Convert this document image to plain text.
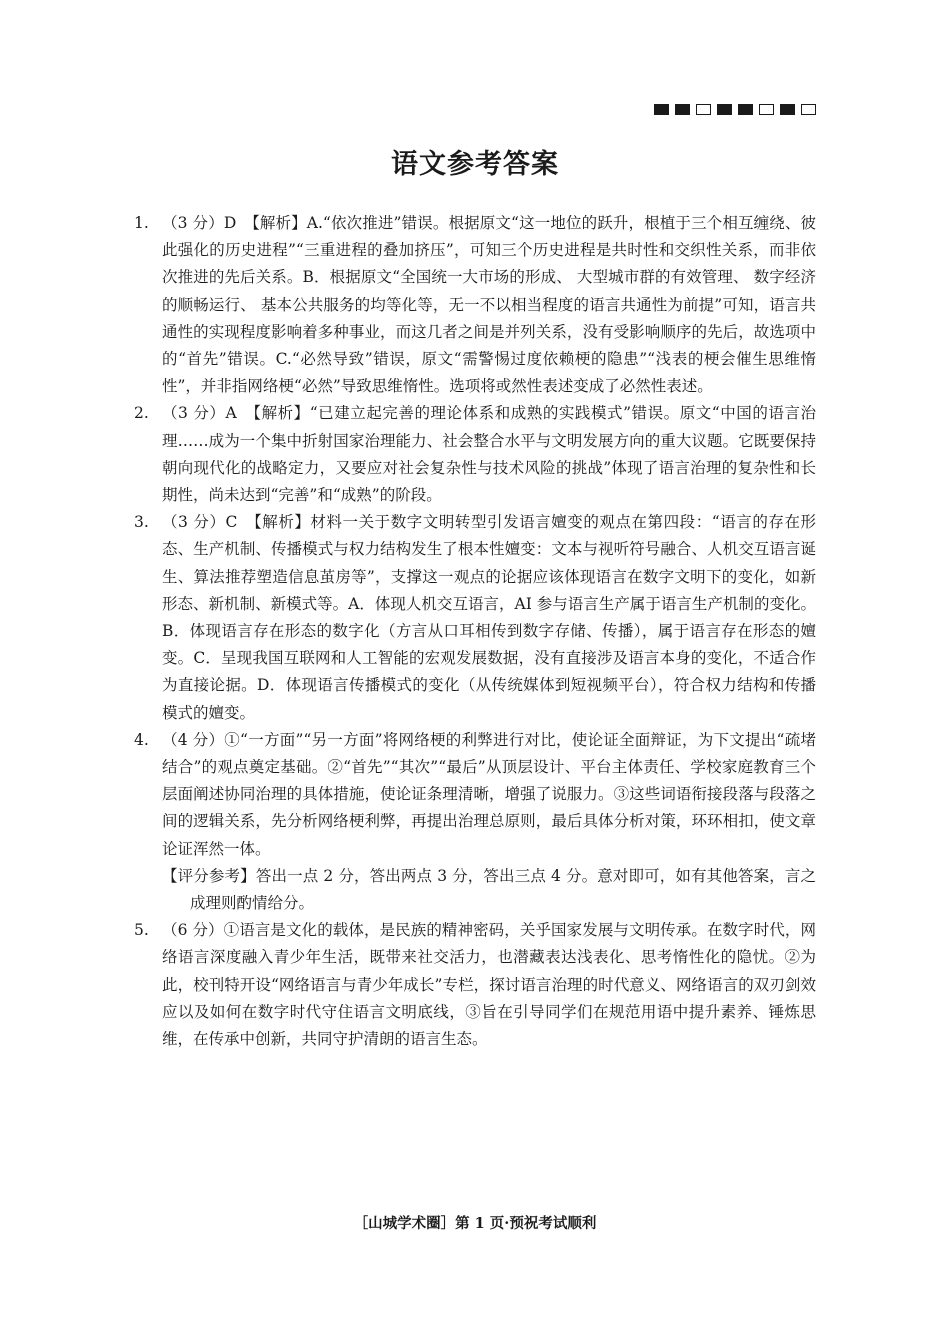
语文参考答案
1. （3 分）D　【解析】A.“依次推进”错误。根据原文“这一地位的跃升，根植于三个相互缠绕、彼此强化的历史进程”“三重进程的叠加挤压”，可知三个历史进程是共时性和交织性关系，而非依次推进的先后关系。B．根据原文“全国统一大市场的形成、 大型城市群的有效管理、 数字经济的顺畅运行、 基本公共服务的均等化等，无一不以相当程度的语言共通性为前提”可知，语言共通性的实现程度影响着多种事业，而这几者之间是并列关系，没有受影响顺序的先后，故选项中的“首先”错误。C.“必然导致”错误，原文“需警惕过度依赖梗的隐患”“浅表的梗会催生思维惰性”，并非指网络梗“必然”导致思维惰性。选项将或然性表述变成了必然性表述。

2. （3 分）A　【解析】“已建立起完善的理论体系和成熟的实践模式”错误。原文“中国的语言治理……成为一个集中折射国家治理能力、社会整合水平与文明发展方向的重大议题。它既要保持朝向现代化的战略定力，又要应对社会复杂性与技术风险的挑战”体现了语言治理的复杂性和长期性，尚未达到“完善”和“成熟”的阶段。

3. （3 分）C　【解析】材料一关于数字文明转型引发语言嬗变的观点在第四段：“语言的存在形态、生产机制、传播模式与权力结构发生了根本性嬗变：文本与视听符号融合、人机交互语言诞生、算法推荐塑造信息茧房等”，支撑这一观点的论据应该体现语言在数字文明下的变化，如新形态、新机制、新模式等。A．体现人机交互语言，AI 参与语言生产属于语言生产机制的变化。B．体现语言存在形态的数字化（方言从口耳相传到数字存储、传播），属于语言存在形态的嬗变。C．呈现我国互联网和人工智能的宏观发展数据，没有直接涉及语言本身的变化，不适合作为直接论据。D．体现语言传播模式的变化（从传统媒体到短视频平台），符合权力结构和传播模式的嬗变。

4. （4 分）①“一方面”“另一方面”将网络梗的利弊进行对比，使论证全面辩证，为下文提出“疏堵结合”的观点奠定基础。②“首先”“其次”“最后”从顶层设计、平台主体责任、学校家庭教育三个层面阐述协同治理的具体措施，使论证条理清晰，增强了说服力。③这些词语衔接段落与段落之间的逻辑关系，先分析网络梗利弊，再提出治理总原则，最后具体分析对策，环环相扣，使文章论证浑然一体。

【评分参考】答出一点 2 分，答出两点 3 分，答出三点 4 分。意对即可，如有其他答案，言之成理则酌情给分。

5. （6 分）①语言是文化的载体，是民族的精神密码，关乎国家发展与文明传承。在数字时代，网络语言深度融入青少年生活，既带来社交活力，也潜藏表达浅表化、思考惰性化的隐忧。②为此，校刊特开设“网络语言与青少年成长”专栏，探讨语言治理的时代意义、网络语言的双刃剑效应以及如何在数字时代守住语言文明底线，③旨在引导同学们在规范用语中提升素养、锤炼思维，在传承中创新，共同守护清朗的语言生态。

［山城学术圈］第 1 页·预祝考试顺利
